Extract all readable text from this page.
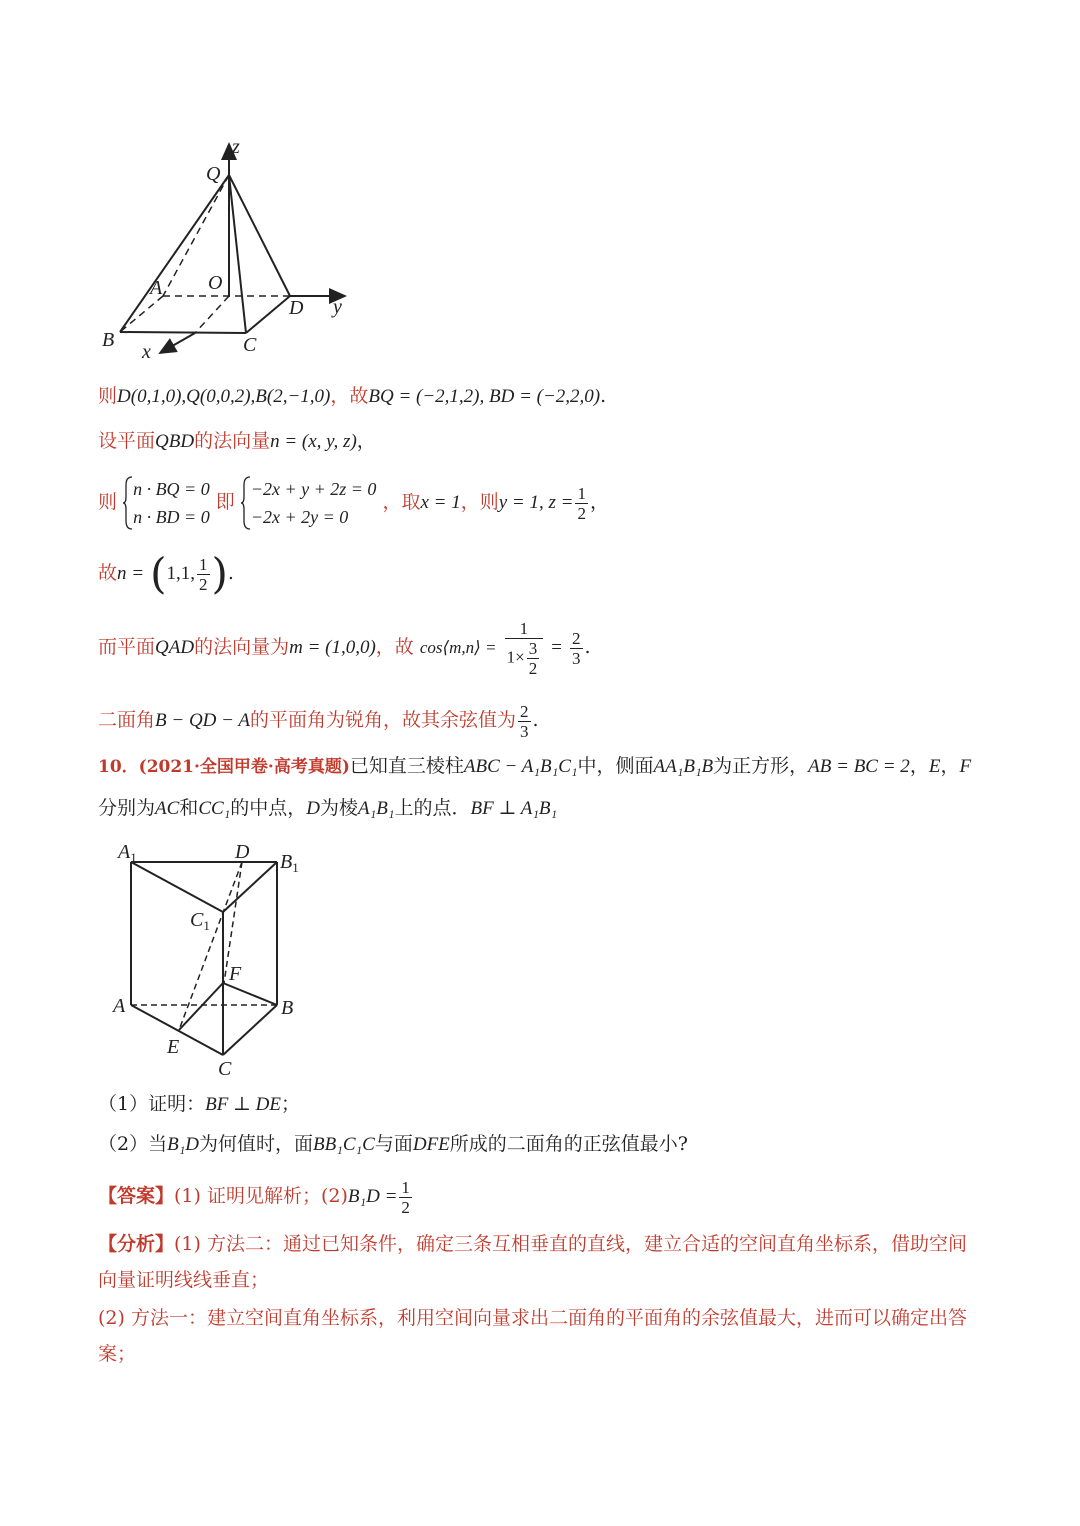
z
Q
A O
D y
B
x	C
则D(0,1,0),Q(0,0,2),B(2,−1,0)，故BQ = (−2,1,2), BD = (−2,2,0).
设平面QBD的法向量n = (x, y, z)，
则 n · BQ = 0
n · BD = 0 即 −2x + y + 2z = 0
−2x + 2y = 0 ，取x = 1，则y = 1, $z = \frac{1}{2}$ ，
故n = (1,1, $\frac{1}{2}$ ).
而平面QAD的法向量为m = (1,0,0)，故 cos⟨m,n⟩ = $\frac{1}{1\times \frac{3}{2}} = \frac{2}{3}$ .
二面角B − QD − A的平面角为锐角，故其余弦值为 $\frac{2}{3}$ .
10．(2021·全国甲卷·高考真题)已知直三棱柱ABC − A₁B₁C₁中，侧面AA₁B₁B为正方形，AB = BC = 2，E，F
分别为AC和CC₁的中点，D为棱A₁B₁上的点．BF ⊥ A₁B₁
$A_1$	D $B_1$
$C_1$
F
A	B
E
C
（1）证明：BF ⊥ DE；
（2）当B₁D为何值时，面BB₁C₁C与面DFE所成的二面角的正弦值最小?
【答案】(1) 证明见解析；$(2)B_1D = \frac{1}{2}$
【分析】(1) 方法二：通过已知条件，确定三条互相垂直的直线，建立合适的空间直角坐标系，借助空间
向量证明线线垂直；
(2) 方法一：建立空间直角坐标系，利用空间向量求出二面角的平面角的余弦值最大，进而可以确定出答
案；
